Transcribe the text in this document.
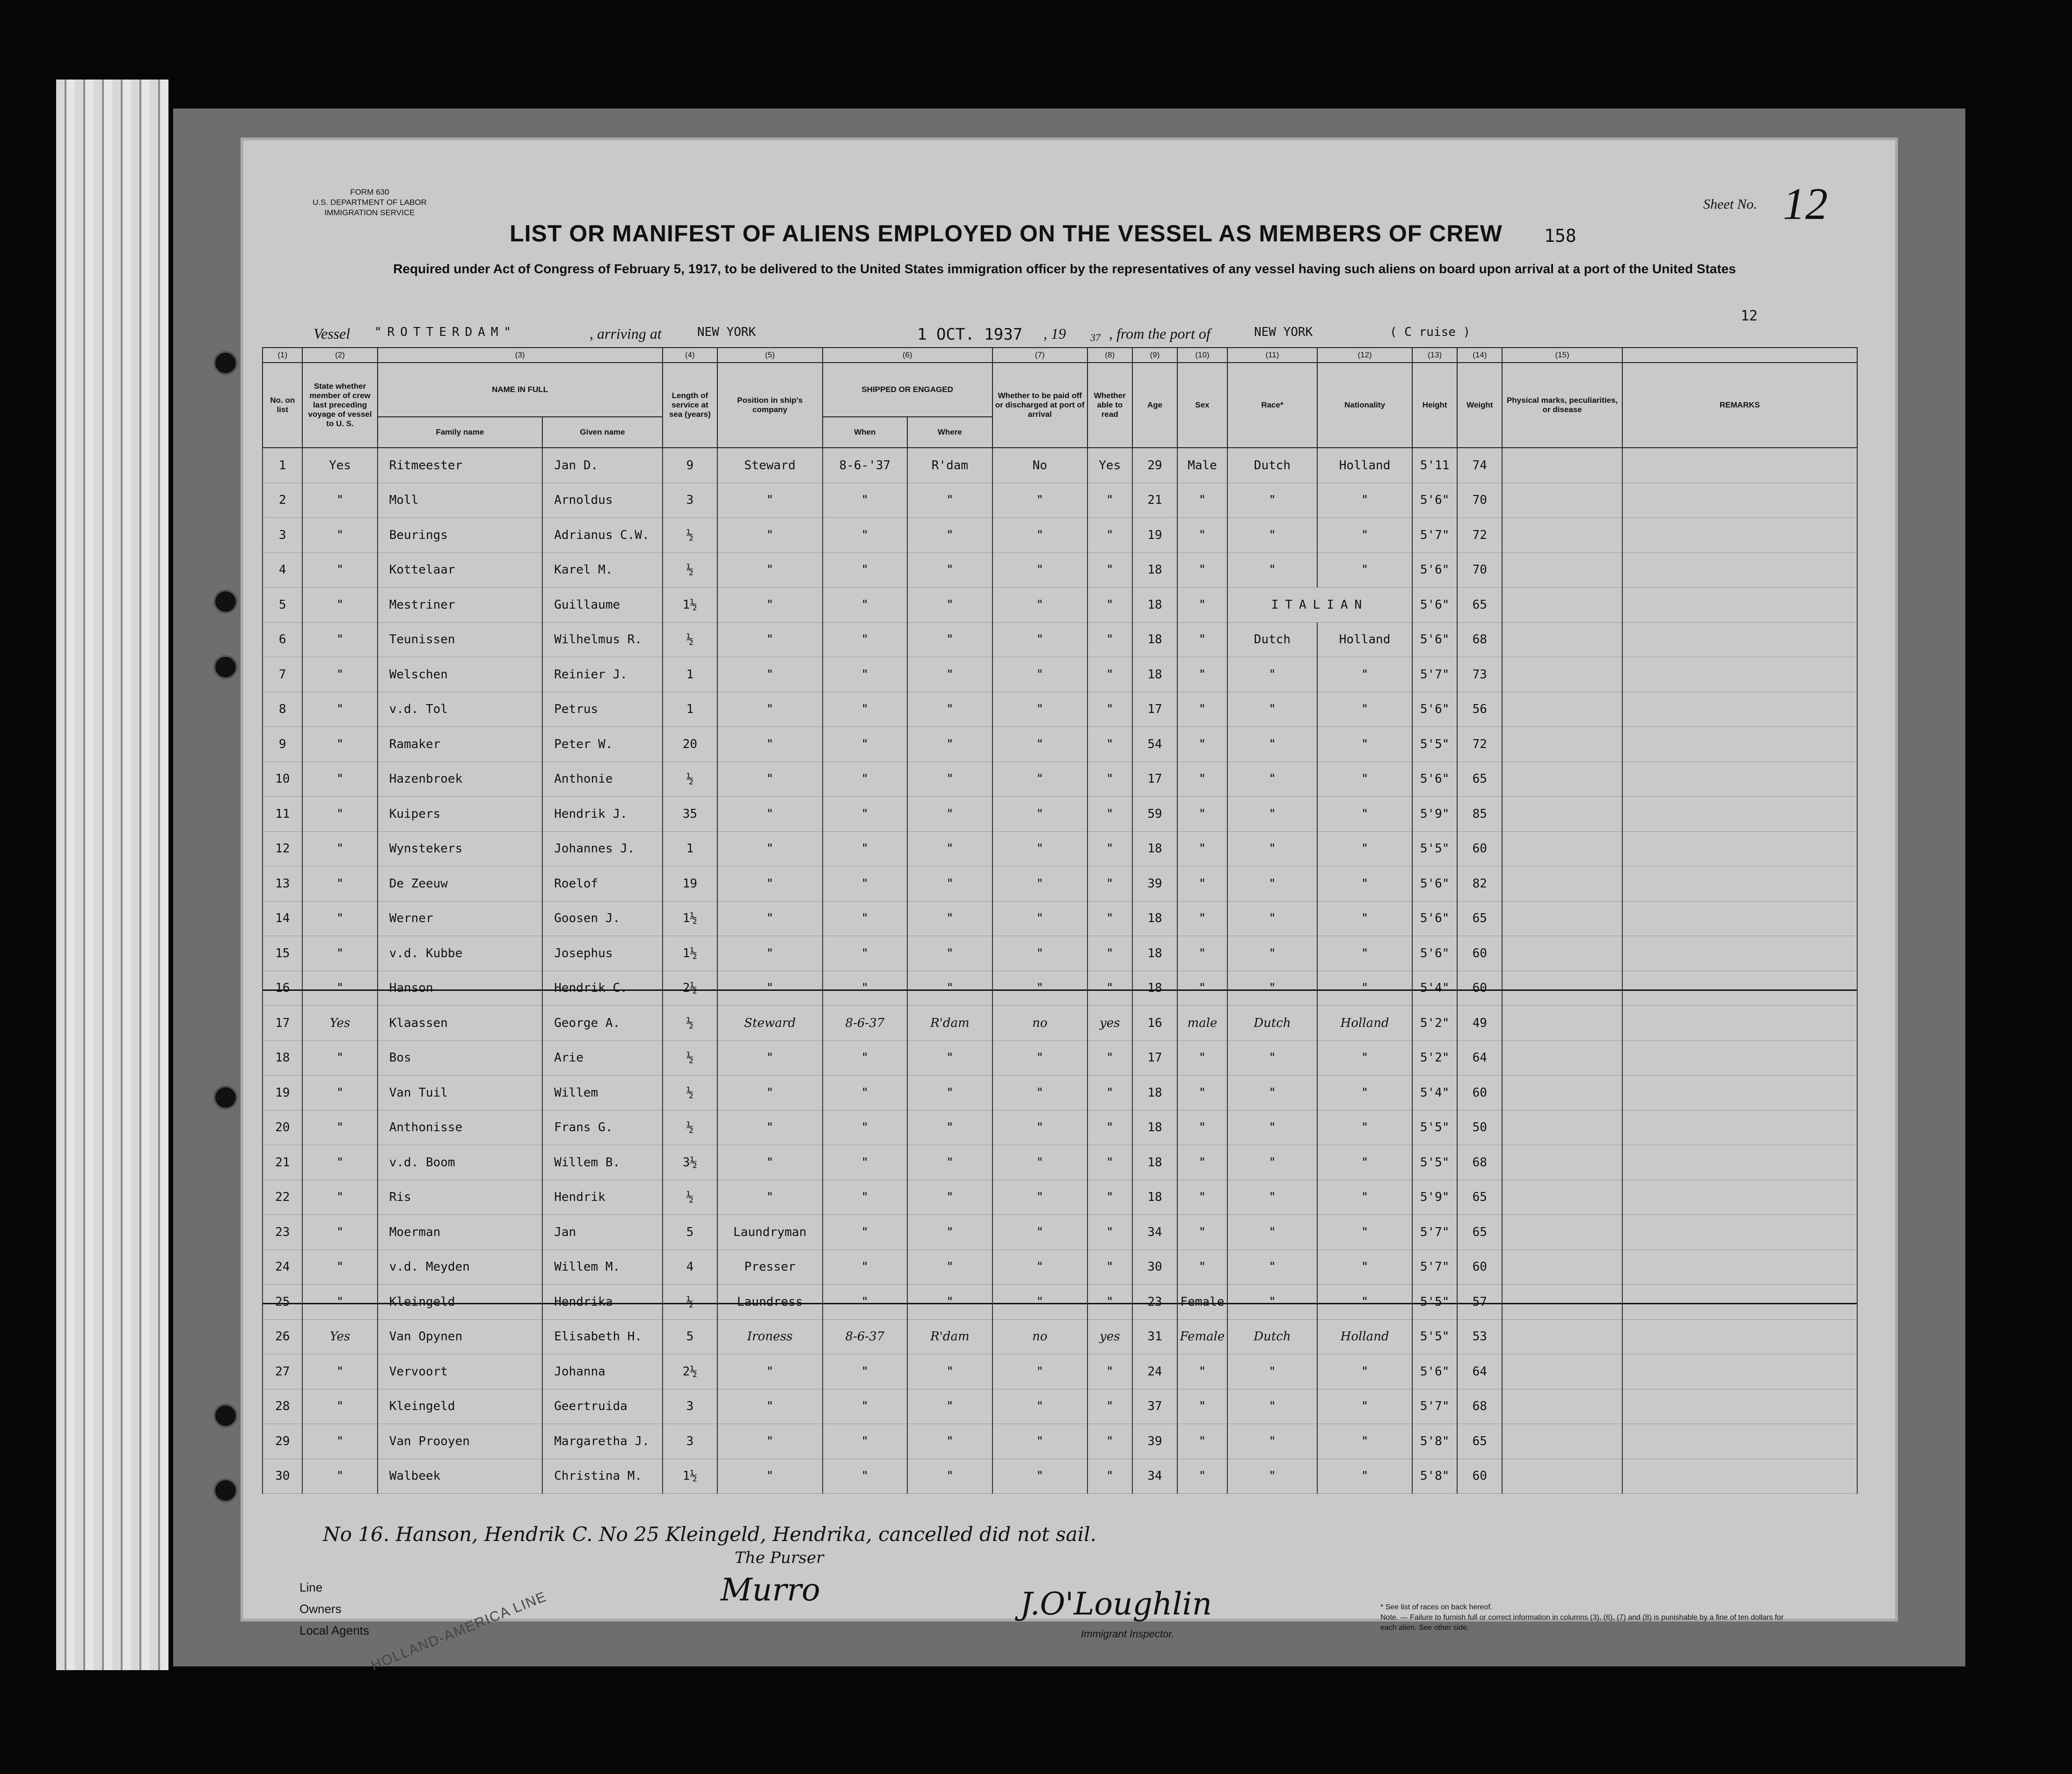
FORM 630
U.S. DEPARTMENT OF LABOR
IMMIGRATION SERVICE
LIST OR MANIFEST OF ALIENS EMPLOYED ON THE VESSEL AS MEMBERS OF CREW	158
Sheet No. 12
Required under Act of Congress of February 5, 1917, to be delivered to the United States immigration officer by the representatives of any vessel having such aliens on board upon arrival at a port of the United States
12
Vessel "ROTTERDAM"	, arriving at	NEW YORK	1 OCT. 1937 , 19 37 , from the port of	NEW YORK	( C ruise )
(1)	(2)	(3)		(4)	(5)	(6)		(7)	(8)	(9)	(10)	(11)	(12)	(13)	(14)	(15)	
No. on list	State whether member of crew last preceding voyage of vessel to U. S.	NAME IN FULL		Length of service at sea (years)	Position in ship's company	SHIPPED OR ENGAGED		Whether to be paid off or discharged at port of arrival	Whether able to read	Age	Sex	Race*	Nationality	Height	Weight	Physical marks, peculiarities, or disease	REMARKS
		Family name	Given name			When	Where										
1	Yes	Ritmeester	Jan D.	9	Steward	8-6-'37	R'dam	No	Yes	29	Male	Dutch	Holland	5'11	74		
2	"	Moll	Arnoldus	3	"	"	"	"	"	21	"	"	"	5'6"	70		
3	"	Beurings	Adrianus C.W.	½	"	"	"	"	"	19	"	"	"	5'7"	72		
4	"	Kottelaar	Karel M.	½	"	"	"	"	"	18	"	"	"	5'6"	70		
5	"	Mestriner	Guillaume	1½	"	"	"	"	"	18	"	ITALIAN		5'6"	65		
6	"	Teunissen	Wilhelmus R.	½	"	"	"	"	"	18	"	Dutch	Holland	5'6"	68		
7	"	Welschen	Reinier J.	1	"	"	"	"	"	18	"	"	"	5'7"	73		
8	"	v.d. Tol	Petrus	1	"	"	"	"	"	17	"	"	"	5'6"	56		
9	"	Ramaker	Peter W.	20	"	"	"	"	"	54	"	"	"	5'5"	72		
10	"	Hazenbroek	Anthonie	½	"	"	"	"	"	17	"	"	"	5'6"	65		
11	"	Kuipers	Hendrik J.	35	"	"	"	"	"	59	"	"	"	5'9"	85		
12	"	Wynstekers	Johannes J.	1	"	"	"	"	"	18	"	"	"	5'5"	60		
13	"	De Zeeuw	Roelof	19	"	"	"	"	"	39	"	"	"	5'6"	82		
14	"	Werner	Goosen J.	1½	"	"	"	"	"	18	"	"	"	5'6"	65		
15	"	v.d. Kubbe	Josephus	1½	"	"	"	"	"	18	"	"	"	5'6"	60		
16	"	Hanson	Hendrik C.	2½	"	"	"	"	"	18	"	"	"	5'4"	60		
17	Yes	Klaassen	George A.	½	Steward	8-6-37	R'dam	no	yes	16	male	Dutch	Holland	5'2"	49		
18	"	Bos	Arie	½	"	"	"	"	"	17	"	"	"	5'2"	64		
19	"	Van Tuil	Willem	½	"	"	"	"	"	18	"	"	"	5'4"	60		
20	"	Anthonisse	Frans G.	½	"	"	"	"	"	18	"	"	"	5'5"	50		
21	"	v.d. Boom	Willem B.	3½	"	"	"	"	"	18	"	"	"	5'5"	68		
22	"	Ris	Hendrik	½	"	"	"	"	"	18	"	"	"	5'9"	65		
23	"	Moerman	Jan	5	Laundryman	"	"	"	"	34	"	"	"	5'7"	65		
24	"	v.d. Meyden	Willem M.	4	Presser	"	"	"	"	30	"	"	"	5'7"	60		
25	"	Kleingeld	Hendrika	½	Laundress	"	"	"	"	23	Female	"	"	5'5"	57		
26	Yes	Van Opynen	Elisabeth H.	5	Ironess	8-6-37	R'dam	no	yes	31	Female	Dutch	Holland	5'5"	53		
27	"	Vervoort	Johanna	2½	"	"	"	"	"	24	"	"	"	5'6"	64		
28	"	Kleingeld	Geertruida	3	"	"	"	"	"	37	"	"	"	5'7"	68		
29	"	Van Prooyen	Margaretha J.	3	"	"	"	"	"	39	"	"	"	5'8"	65		
30	"	Walbeek	Christina M.	1½	"	"	"	"	"	34	"	"	"	5'8"	60		
No 16. Hanson, Hendrik C. No 25 Kleingeld, Hendrika, cancelled did not sail.
The Purser
Murro	J.O'Loughlin
Immigrant Inspector.
Line
Owners
Local Agents HOLLAND-AMERICA LINE	* See list of races on back hereof.
Note. — Failure to furnish full or correct information in columns (3), (6), (7) and (8) is punishable by a fine of ten dollars for each alien. See other side.
